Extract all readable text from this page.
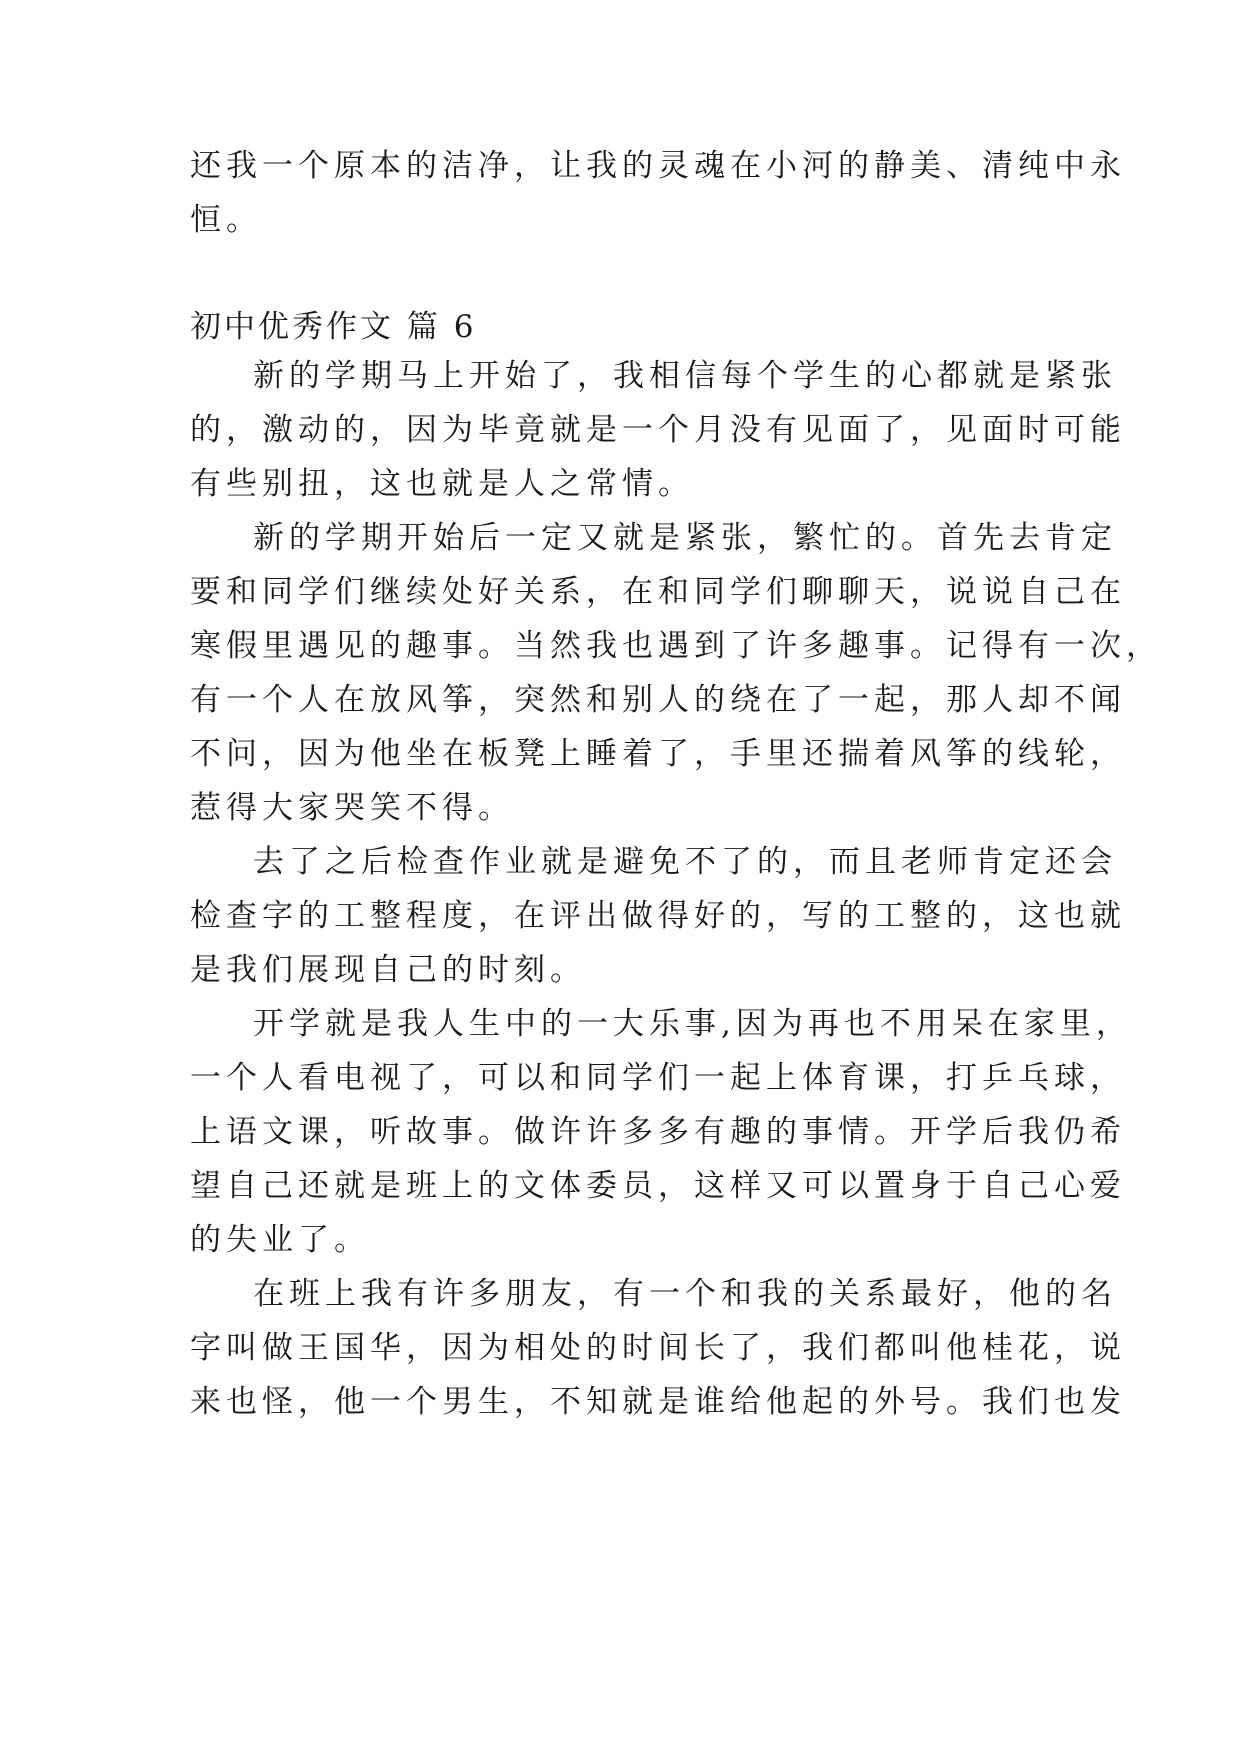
还我一个原本的洁净，让我的灵魂在小河的静美、清纯中永
恒。
初中优秀作文 篇 6
新的学期马上开始了，我相信每个学生的心都就是紧张
的，激动的，因为毕竟就是一个月没有见面了，见面时可能
有些别扭，这也就是人之常情。
新的学期开始后一定又就是紧张，繁忙的。首先去肯定
要和同学们继续处好关系，在和同学们聊聊天，说说自己在
寒假里遇见的趣事。当然我也遇到了许多趣事。记得有一次，
有一个人在放风筝，突然和别人的绕在了一起，那人却不闻
不问，因为他坐在板凳上睡着了，手里还揣着风筝的线轮，
惹得大家哭笑不得。
去了之后检查作业就是避免不了的，而且老师肯定还会
检查字的工整程度，在评出做得好的，写的工整的，这也就
是我们展现自己的时刻。
开学就是我人生中的一大乐事,因为再也不用呆在家里，
一个人看电视了，可以和同学们一起上体育课，打乒乓球，
上语文课，听故事。做许许多多有趣的事情。开学后我仍希
望自己还就是班上的文体委员，这样又可以置身于自己心爱
的失业了。
在班上我有许多朋友，有一个和我的关系最好，他的名
字叫做王国华，因为相处的时间长了，我们都叫他桂花，说
来也怪，他一个男生，不知就是谁给他起的外号。我们也发
